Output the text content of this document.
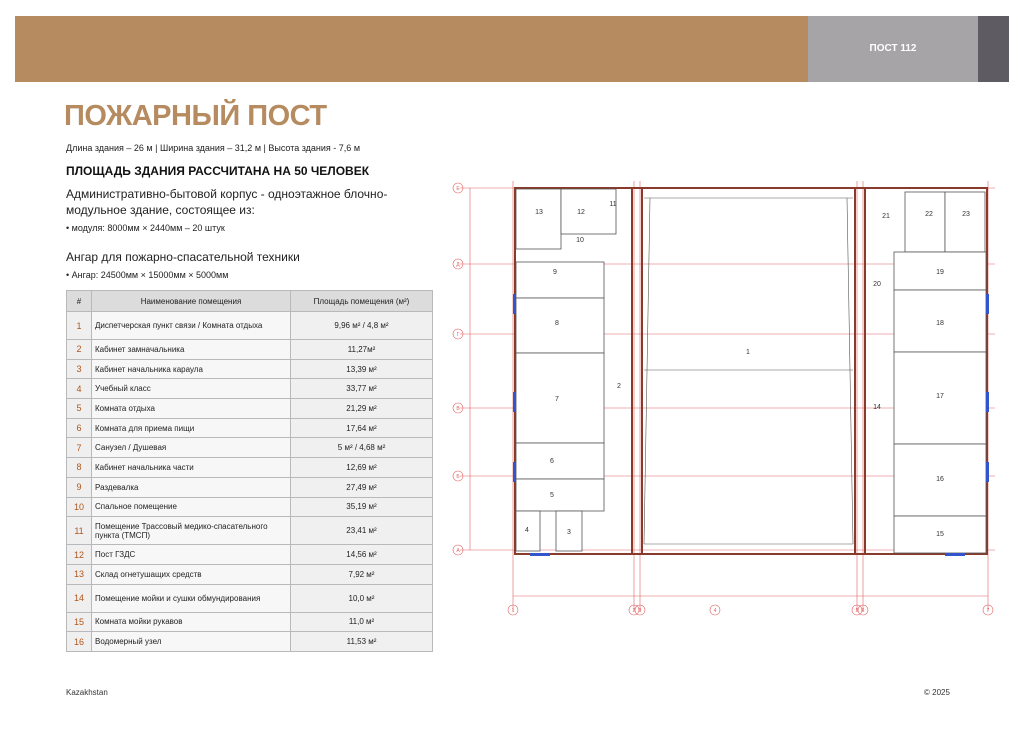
ПОСТ 112
ПОЖАРНЫЙ ПОСТ
Длина здания – 26 м | Ширина здания – 31,2 м | Высота здания - 7,6 м
ПЛОЩАДЬ ЗДАНИЯ РАССЧИТАНА НА 50 ЧЕЛОВЕК
Административно-бытовой корпус - одноэтажное блочно-модульное здание, состоящее из:
• модуля: 8000мм × 2440мм – 20 штук
Ангар для пожарно-спасательной техники
• Ангар: 24500мм × 15000мм × 5000мм
#	Наименование помещения	Площадь помещения (м²)
1	Диспетчерская пункт связи / Комната отдыха	9,96 м² / 4,8 м²
2	Кабинет замначальника	11,27м²
3	Кабинет начальника караула	13,39 м²
4	Учебный класс	33,77 м²
5	Комната отдыха	21,29 м²
6	Комната для приема пищи	17,64 м²
7	Санузел / Душевая	5 м² / 4,68 м²
8	Кабинет начальника части	12,69 м²
9	Раздевалка	27,49 м²
10	Спальное помещение	35,19 м²
11	Помещение Трассовый медико-спасательного пункта (ТМСП)	23,41 м²
12	Пост ГЗДС	14,56 м²
13	Склад огнетушащих средств	7,92 м²
14	Помещение мойки и сушки обмундирования	10,0 м²
15	Комната мойки рукавов	11,0 м²
16	Водомерный узел	11,53 м²
Е
Д
Г
В
Б
А
1	2 3	4	5 6	7
1
2
3
4
5
6
7
8
9
10
11
12
13
14
15
16
17
18
19
20
21	22	23
Kazakhstan	© 2025
